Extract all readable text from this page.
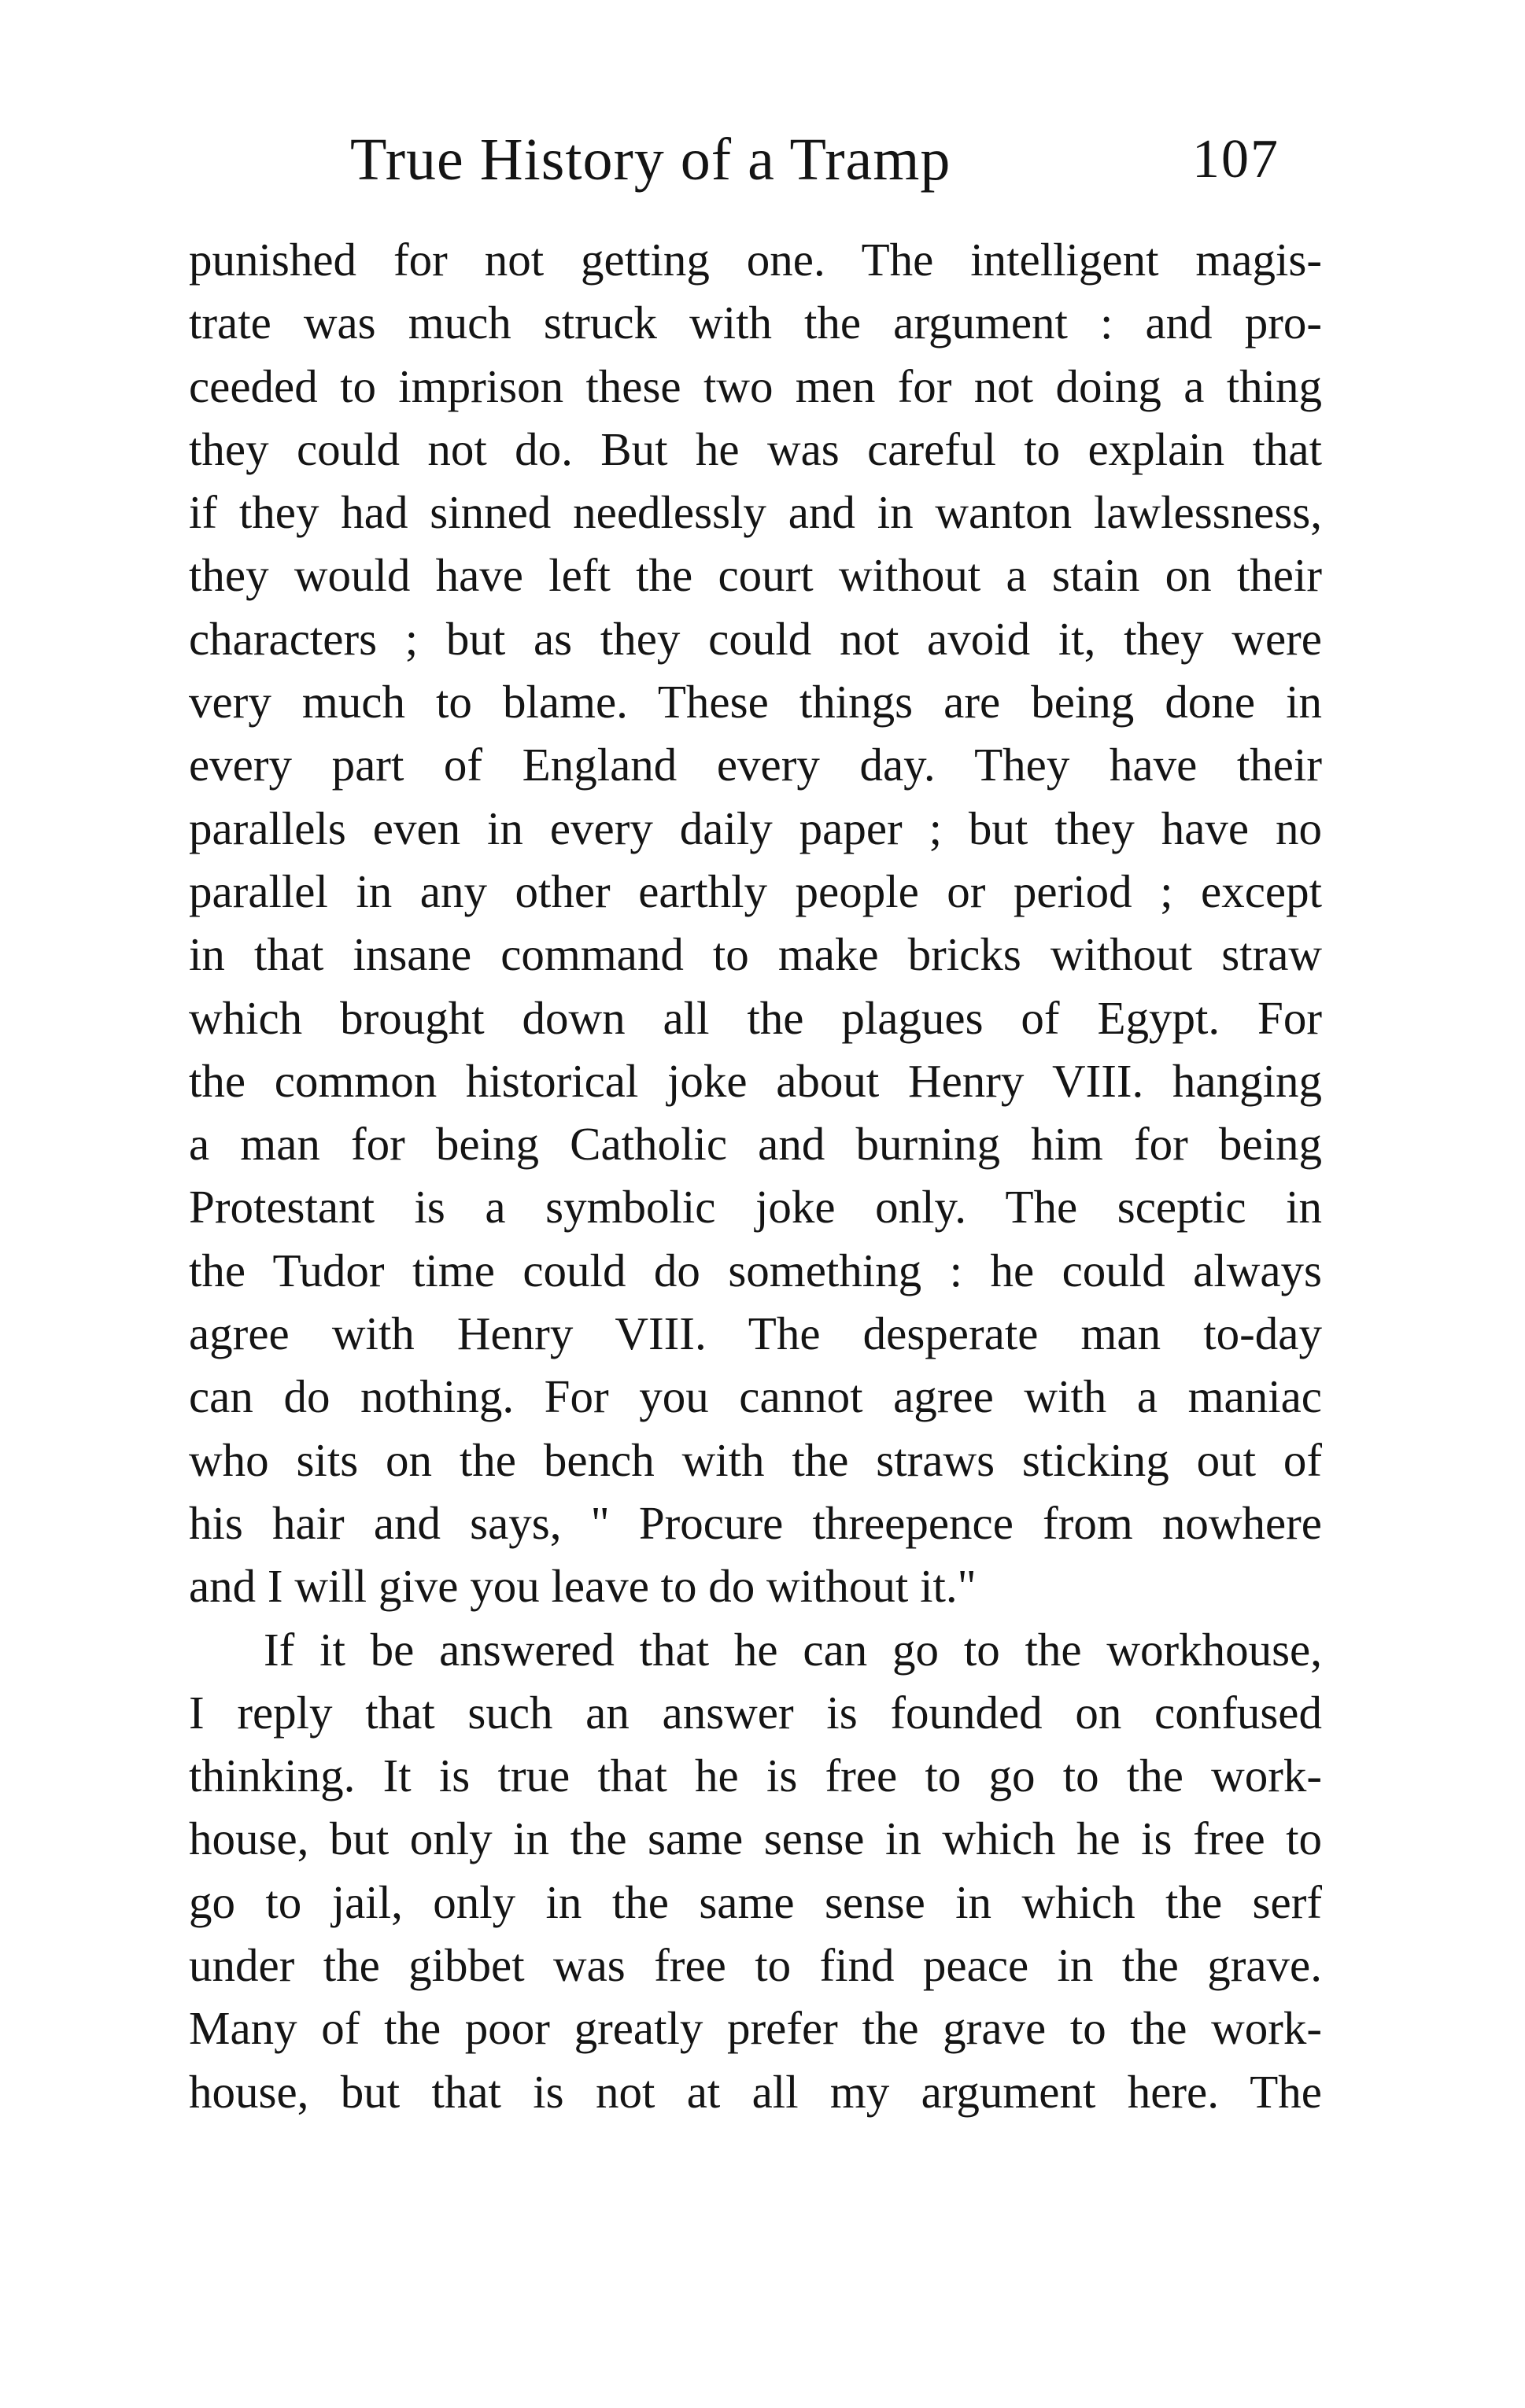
True History of a Tramp	107
punished for not getting one. The intelligent magis-
trate was much struck with the argument : and pro-
ceeded to imprison these two men for not doing a thing
they could not do. But he was careful to explain that
if they had sinned needlessly and in wanton lawlessness,
they would have left the court without a stain on their
characters ; but as they could not avoid it, they were
very much to blame. These things are being done in
every part of England every day. They have their
parallels even in every daily paper ; but they have no
parallel in any other earthly people or period ; except
in that insane command to make bricks without straw
which brought down all the plagues of Egypt. For
the common historical joke about Henry VIII. hanging
a man for being Catholic and burning him for being
Protestant is a symbolic joke only. The sceptic in
the Tudor time could do something : he could always
agree with Henry VIII. The desperate man to-day
can do nothing. For you cannot agree with a maniac
who sits on the bench with the straws sticking out of
his hair and says, " Procure threepence from nowhere
and I will give you leave to do without it."
If it be answered that he can go to the workhouse,
I reply that such an answer is founded on confused
thinking. It is true that he is free to go to the work-
house, but only in the same sense in which he is free to
go to jail, only in the same sense in which the serf
under the gibbet was free to find peace in the grave.
Many of the poor greatly prefer the grave to the work-
house, but that is not at all my argument here. The
